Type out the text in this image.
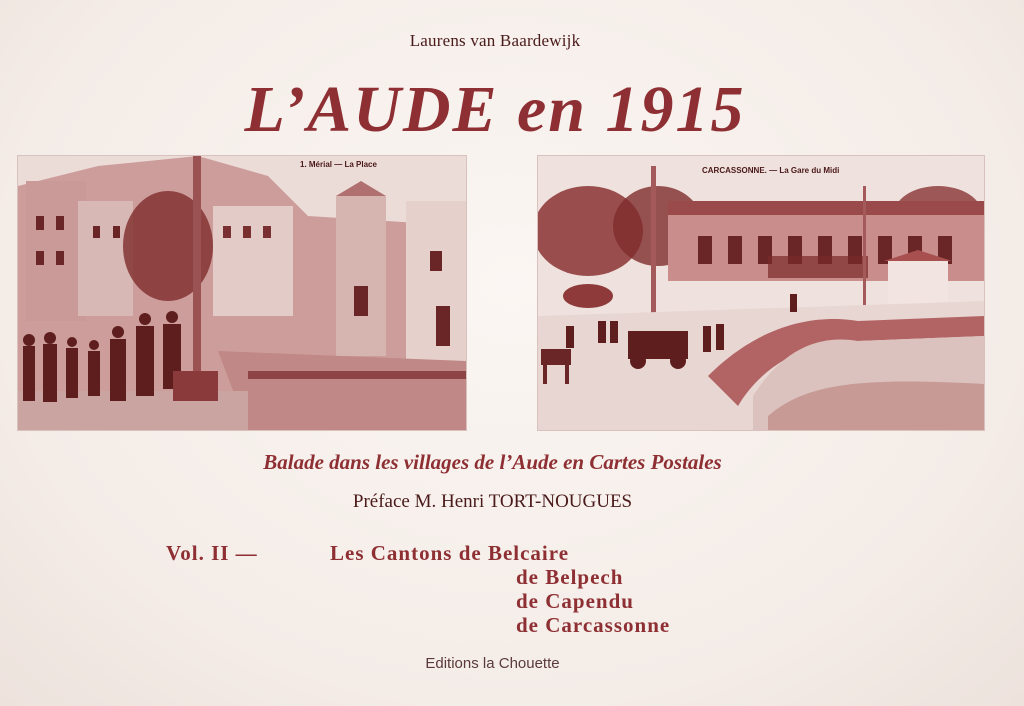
Laurens van Baardewijk
L’AUDE en 1915
1. Mérial — La Place
CARCASSONNE. — La Gare du Midi
Balade dans les villages de l’Aude en Cartes Postales
Préface M. Henri TORT-NOUGUES
Vol. II —	Les Cantons de Belcaire
de Belpech
de Capendu
de Carcassonne
Editions la Chouette
